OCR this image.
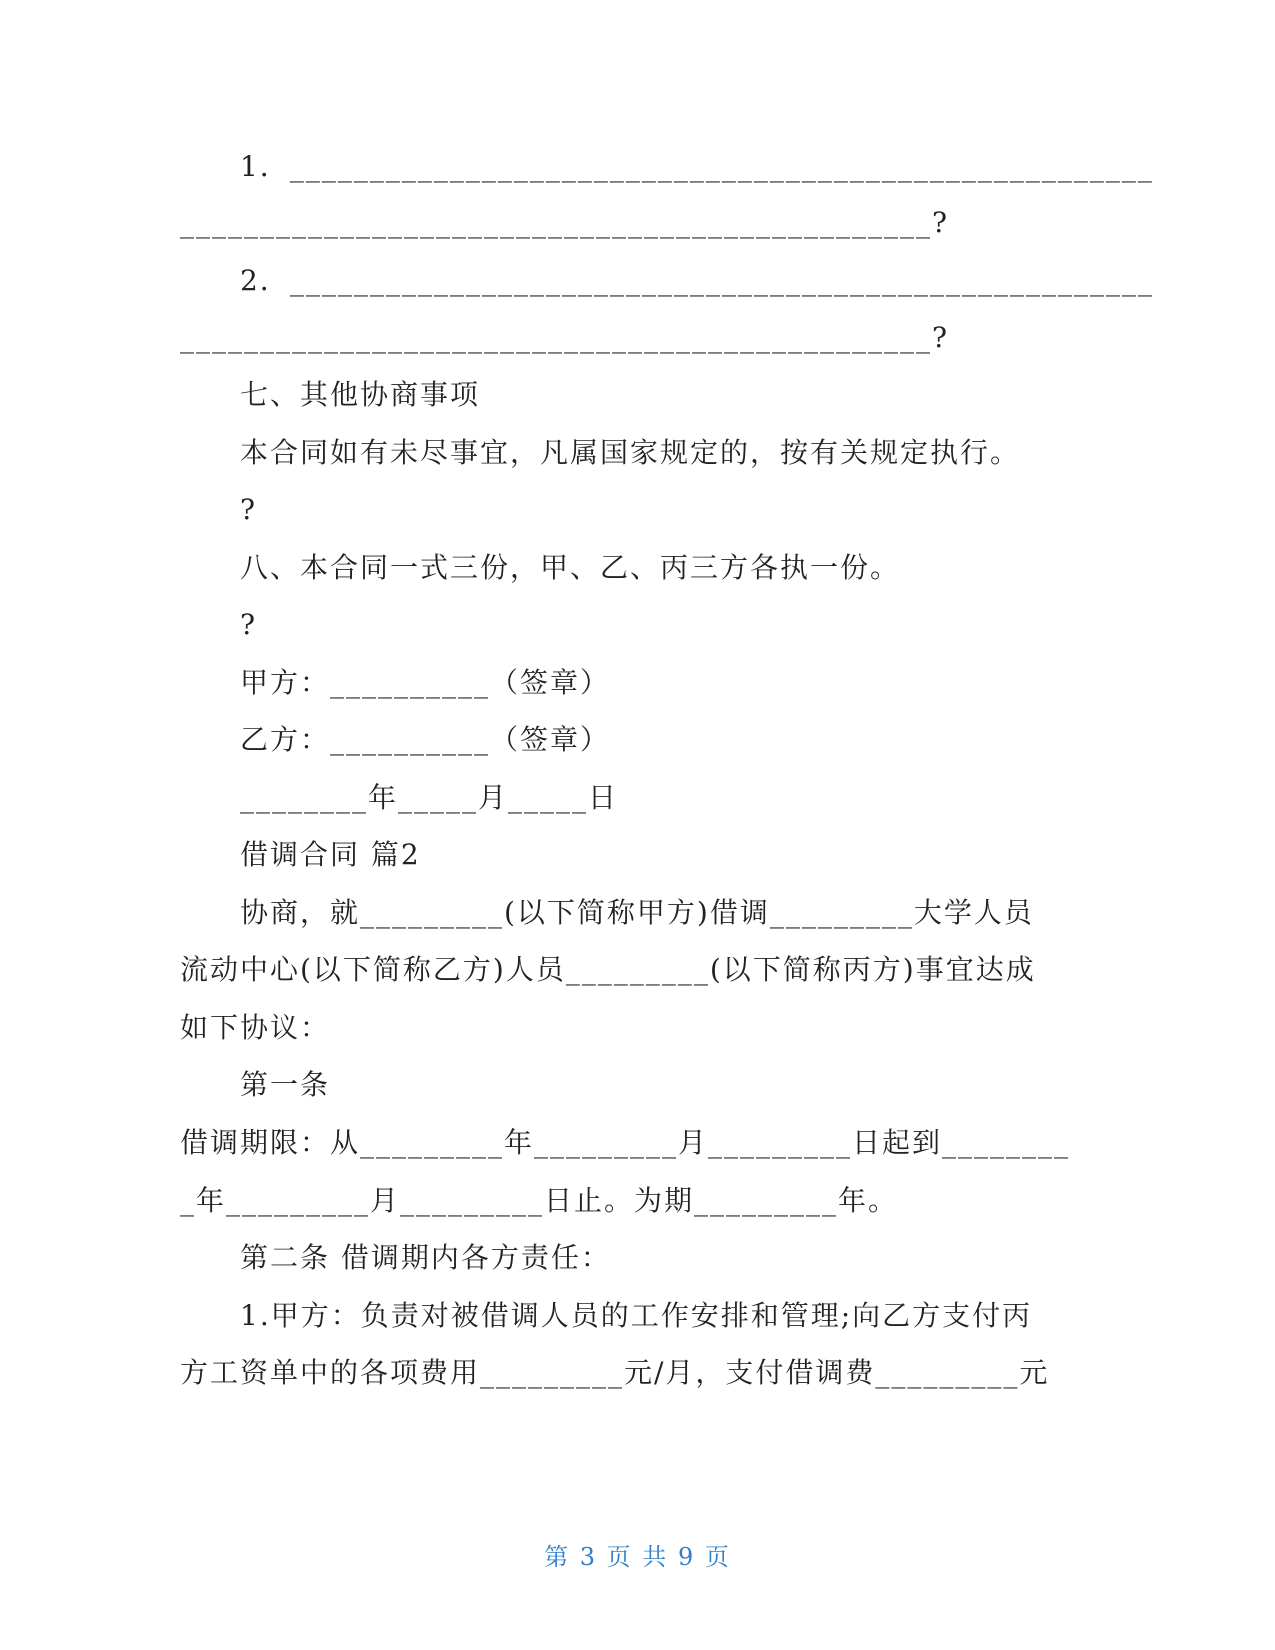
1．______________________________________________________
_______________________________________________?
2．______________________________________________________
_______________________________________________?
七、其他协商事项
本合同如有未尽事宜，凡属国家规定的，按有关规定执行。
?
八、本合同一式三份，甲、乙、丙三方各执一份。
?
甲方：__________（签章）
乙方：__________（签章）
________年_____月_____日
借调合同 篇2
协商，就_________(以下简称甲方)借调_________大学人员
流动中心(以下简称乙方)人员_________(以下简称丙方)事宜达成
如下协议：
第一条
借调期限：从_________年_________月_________日起到________
_年_________月_________日止。为期_________年。
第二条 借调期内各方责任：
1.甲方：负责对被借调人员的工作安排和管理;向乙方支付丙
方工资单中的各项费用_________元/月，支付借调费_________元
第 3 页 共 9 页
